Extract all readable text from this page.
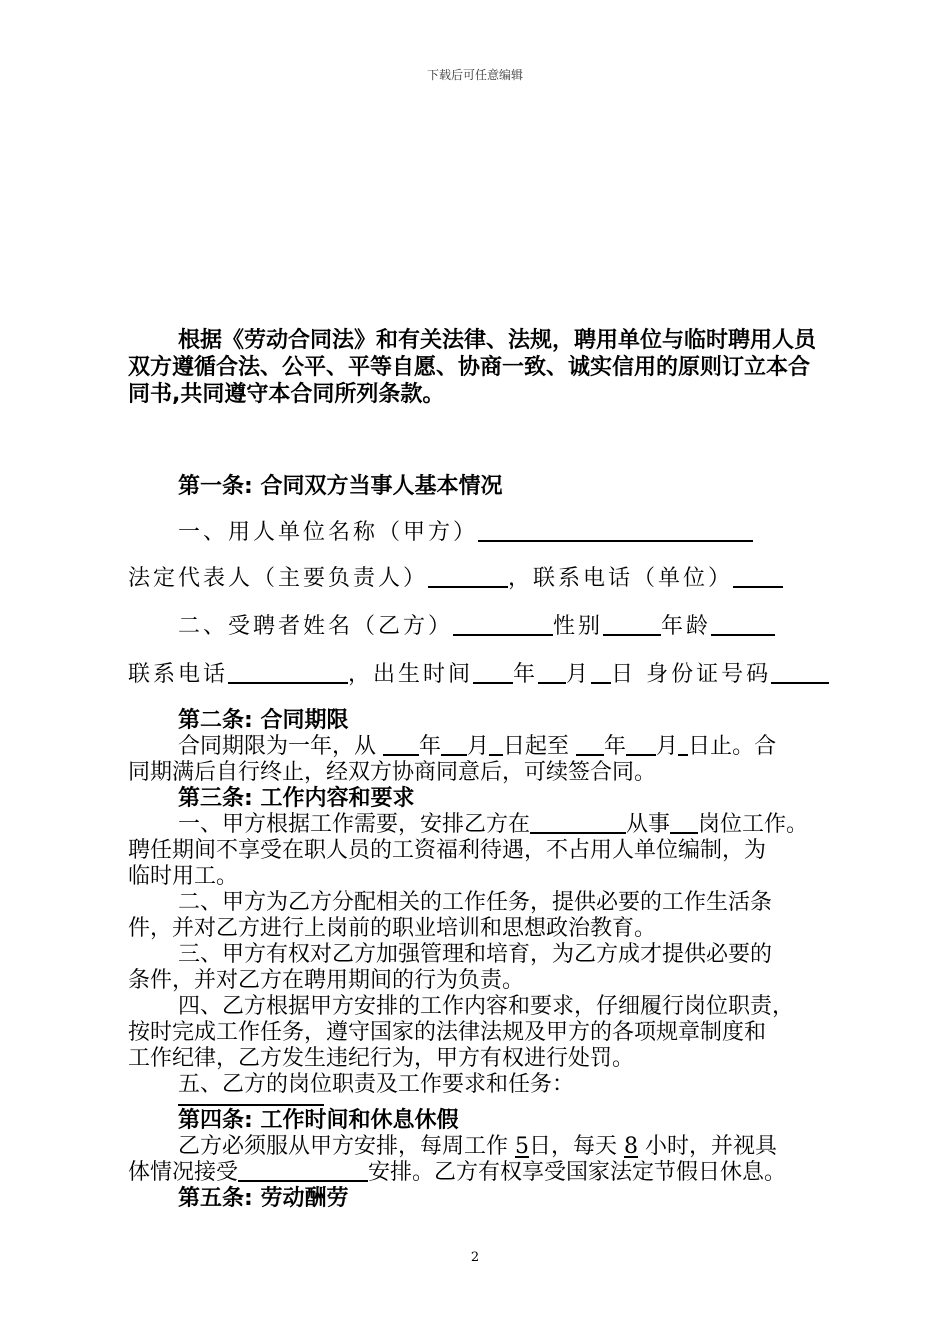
下载后可任意编辑
根据《劳动合同法》和有关法律、法规，聘用单位与临时聘用人员
双方遵循合法、公平、平等自愿、协商一致、诚实信用的原则订立本合
同书,共同遵守本合同所列条款。
第一条: 合同双方当事人基本情况
一、用人单位名称（甲方）
法定代表人（主要负责人）	，联系电话（单位）
二、受聘者姓名（乙方）	性别	年龄
联系电话	，出生时间 年 月 日 身份证号码
第二条: 合同期限
合同期限为一年，从 年 月 日起至 年 月 日止。合
同期满后自行终止，经双方协商同意后，可续签合同。
第三条: 工作内容和要求
一、甲方根据工作需要，安排乙方在	从事 岗位工作。
聘任期间不享受在职人员的工资福利待遇，不占用人单位编制，为
临时用工。
二、甲方为乙方分配相关的工作任务，提供必要的工作生活条
件，并对乙方进行上岗前的职业培训和思想政治教育。
三、甲方有权对乙方加强管理和培育，为乙方成才提供必要的
条件，并对乙方在聘用期间的行为负责。
四、乙方根据甲方安排的工作内容和要求，仔细履行岗位职责，
按时完成工作任务，遵守国家的法律法规及甲方的各项规章制度和
工作纪律，乙方发生违纪行为，甲方有权进行处罚。
五、乙方的岗位职责及工作要求和任务：
第四条: 工作时间和休息休假
乙方必须服从甲方安排，每周工作 5日，每天 8 小时，并视具
体情况接受	安排。乙方有权享受国家法定节假日休息。
第五条: 劳动酬劳
2
